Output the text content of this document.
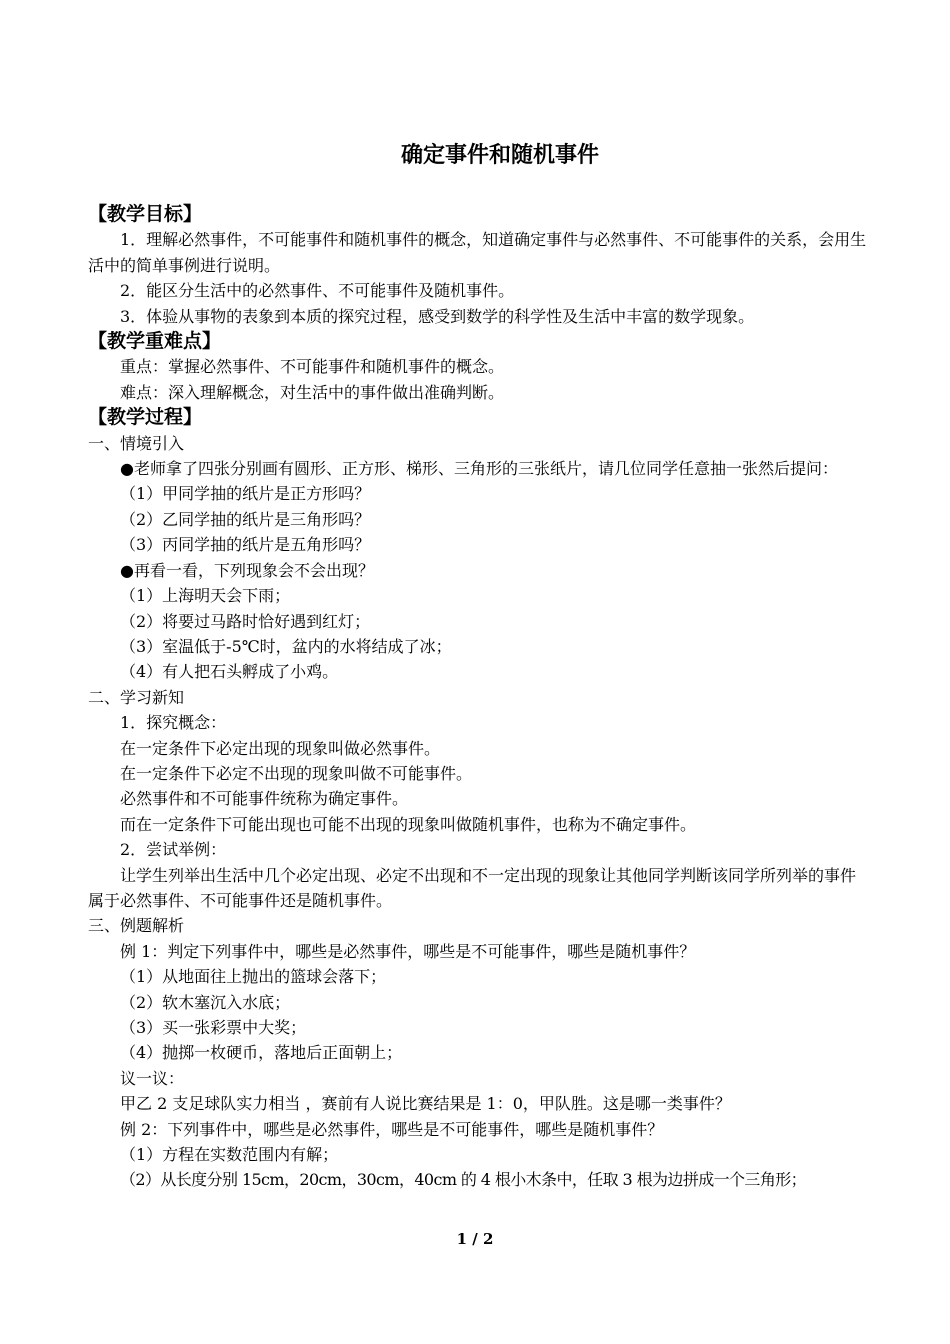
确定事件和随机事件
【教学目标】
1．理解必然事件，不可能事件和随机事件的概念，知道确定事件与必然事件、不可能事件的关系，会用生活中的简单事例进行说明。
2．能区分生活中的必然事件、不可能事件及随机事件。
3．体验从事物的表象到本质的探究过程，感受到数学的科学性及生活中丰富的数学现象。
【教学重难点】
重点：掌握必然事件、不可能事件和随机事件的概念。
难点：深入理解概念，对生活中的事件做出准确判断。
【教学过程】
一、情境引入
●老师拿了四张分别画有圆形、正方形、梯形、三角形的三张纸片，请几位同学任意抽一张然后提问：
（1）甲同学抽的纸片是正方形吗？
（2）乙同学抽的纸片是三角形吗？
（3）丙同学抽的纸片是五角形吗？
●再看一看，下列现象会不会出现？
（1）上海明天会下雨；
（2）将要过马路时恰好遇到红灯；
（3）室温低于-5℃时，盆内的水将结成了冰；
（4）有人把石头孵成了小鸡。
二、学习新知
1．探究概念：
在一定条件下必定出现的现象叫做必然事件。
在一定条件下必定不出现的现象叫做不可能事件。
必然事件和不可能事件统称为确定事件。
而在一定条件下可能出现也可能不出现的现象叫做随机事件，也称为不确定事件。
2．尝试举例：
让学生列举出生活中几个必定出现、必定不出现和不一定出现的现象让其他同学判断该同学所列举的事件属于必然事件、不可能事件还是随机事件。
三、例题解析
例 1：判定下列事件中，哪些是必然事件，哪些是不可能事件，哪些是随机事件？
（1）从地面往上抛出的篮球会落下；
（2）软木塞沉入水底；
（3）买一张彩票中大奖；
（4）抛掷一枚硬币，落地后正面朝上；
议一议：
甲乙 2 支足球队实力相当 ，赛前有人说比赛结果是 1：0，甲队胜。这是哪一类事件？
例 2：下列事件中，哪些是必然事件，哪些是不可能事件，哪些是随机事件？
（1）方程在实数范围内有解；
（2）从长度分别 15cm，20cm，30cm，40cm 的 4 根小木条中，任取 3 根为边拼成一个三角形；
1 / 2
